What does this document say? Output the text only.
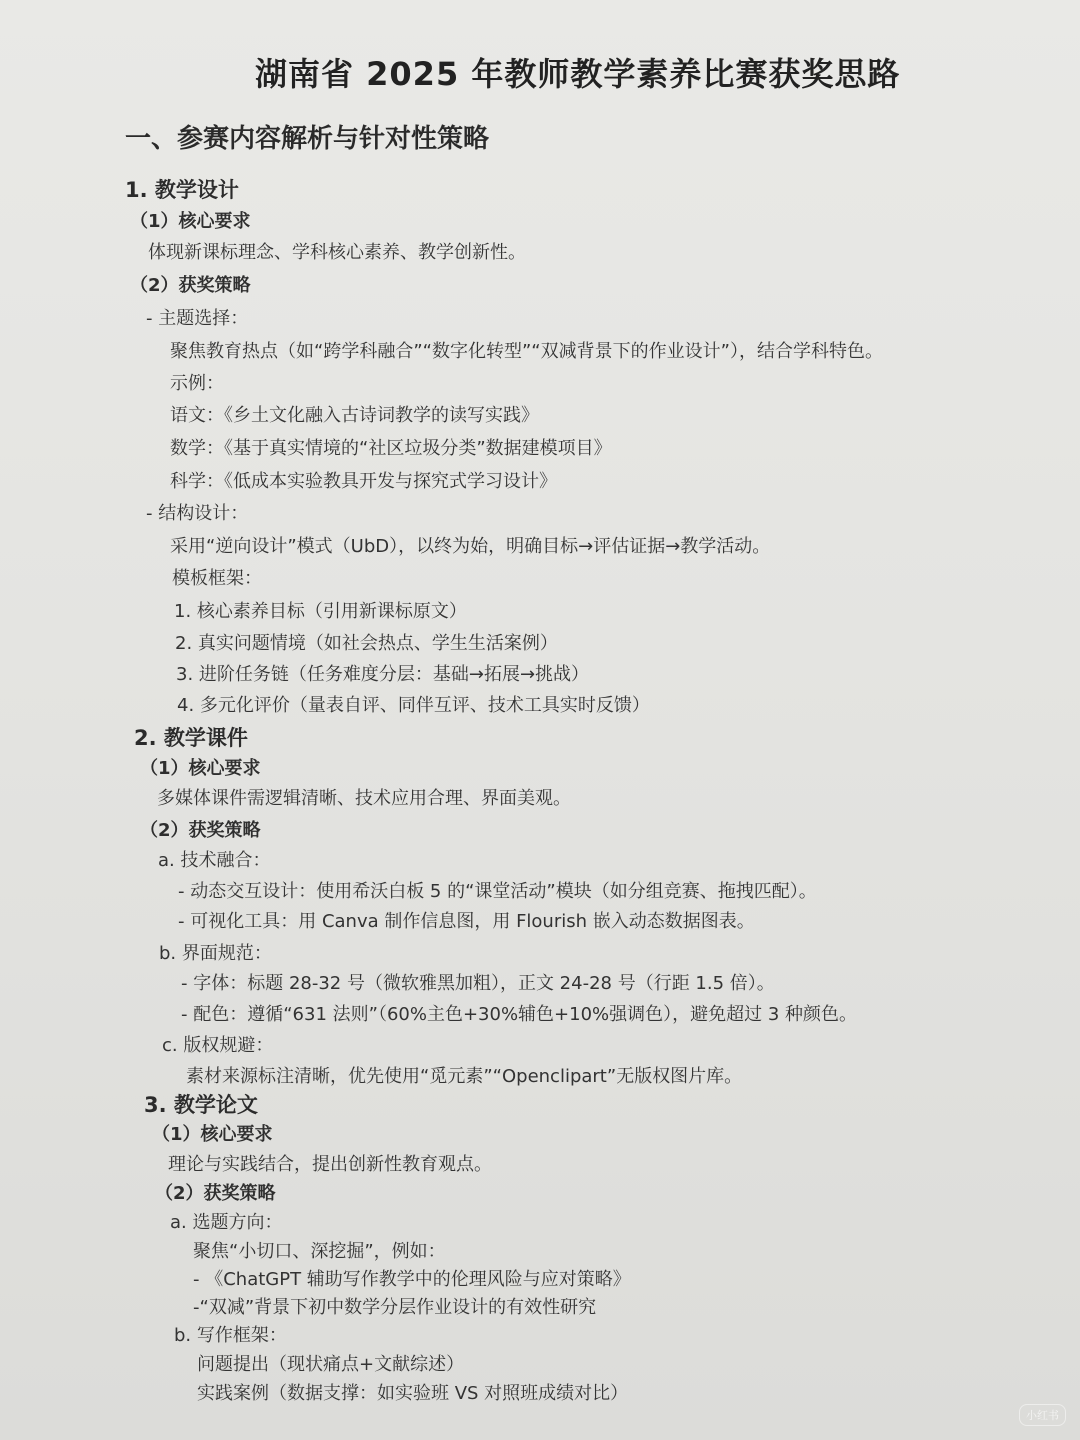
湖南省 2025 年教师教学素养比赛获奖思路

一、参赛内容解析与针对性策略

1. 教学设计

（1）核心要求

体现新课标理念、学科核心素养、教学创新性。

（2）获奖策略

- 主题选择：

聚焦教育热点（如“跨学科融合”“数字化转型”“双减背景下的作业设计”），结合学科特色。

示例：

语文：《乡土文化融入古诗词教学的读写实践》

数学：《基于真实情境的“社区垃圾分类”数据建模项目》

科学：《低成本实验教具开发与探究式学习设计》

- 结构设计：

采用“逆向设计”模式（UbD），以终为始，明确目标→评估证据→教学活动。

模板框架：

1. 核心素养目标（引用新课标原文）

2. 真实问题情境（如社会热点、学生生活案例）

3. 进阶任务链（任务难度分层：基础→拓展→挑战）

4. 多元化评价（量表自评、同伴互评、技术工具实时反馈）

2. 教学课件

（1）核心要求

多媒体课件需逻辑清晰、技术应用合理、界面美观。

（2）获奖策略

a. 技术融合：

- 动态交互设计：使用希沃白板 5 的“课堂活动”模块（如分组竞赛、拖拽匹配）。

- 可视化工具：用 Canva 制作信息图，用 Flourish 嵌入动态数据图表。

b. 界面规范：

- 字体：标题 28-32 号（微软雅黑加粗），正文 24-28 号（行距 1.5 倍）。

- 配色：遵循“631 法则”（60%主色+30%辅色+10%强调色），避免超过 3 种颜色。

c. 版权规避：

素材来源标注清晰，优先使用“觅元素”“Openclipart”无版权图片库。

3. 教学论文

（1）核心要求

理论与实践结合，提出创新性教育观点。

（2）获奖策略

a. 选题方向：

聚焦“小切口、深挖掘”，例如：

- 《ChatGPT 辅助写作教学中的伦理风险与应对策略》

-“双减”背景下初中数学分层作业设计的有效性研究

b. 写作框架：

问题提出（现状痛点+文献综述）

实践案例（数据支撑：如实验班 VS 对照班成绩对比）

小红书
